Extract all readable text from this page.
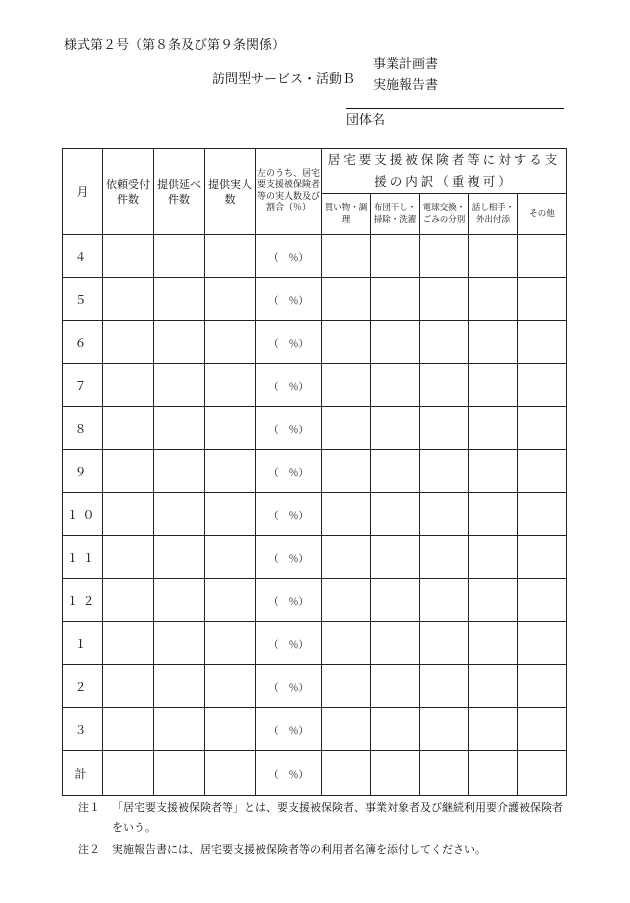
様式第２号（第８条及び第９条関係）
訪問型サービス・活動Ｂ
事業計画書
実施報告書
団体名
月	依頼受付件数	提供延べ件数	提供実人数	左のうち、居宅要支援被保険者等の実人数及び割合（％）	居宅要支援被保険者等に対する支援の内訳（重複可）				
					買い物・調理	布団干し・掃除・洗濯	電球交換・ごみの分別	話し相手・外出付添	その他
４				（　％）					
５				（　％）					
６				（　％）					
７				（　％）					
８				（　％）					
９				（　％）					
１０				（　％）					
１１				（　％）					
１２				（　％）					
１				（　％）					
２				（　％）					
３				（　％）					
計				（　％）					
注１	「居宅要支援被保険者等」とは、要支援被保険者、事業対象者及び継続利用要介護被保険者をいう。
注２	実施報告書には、居宅要支援被保険者等の利用者名簿を添付してください。
